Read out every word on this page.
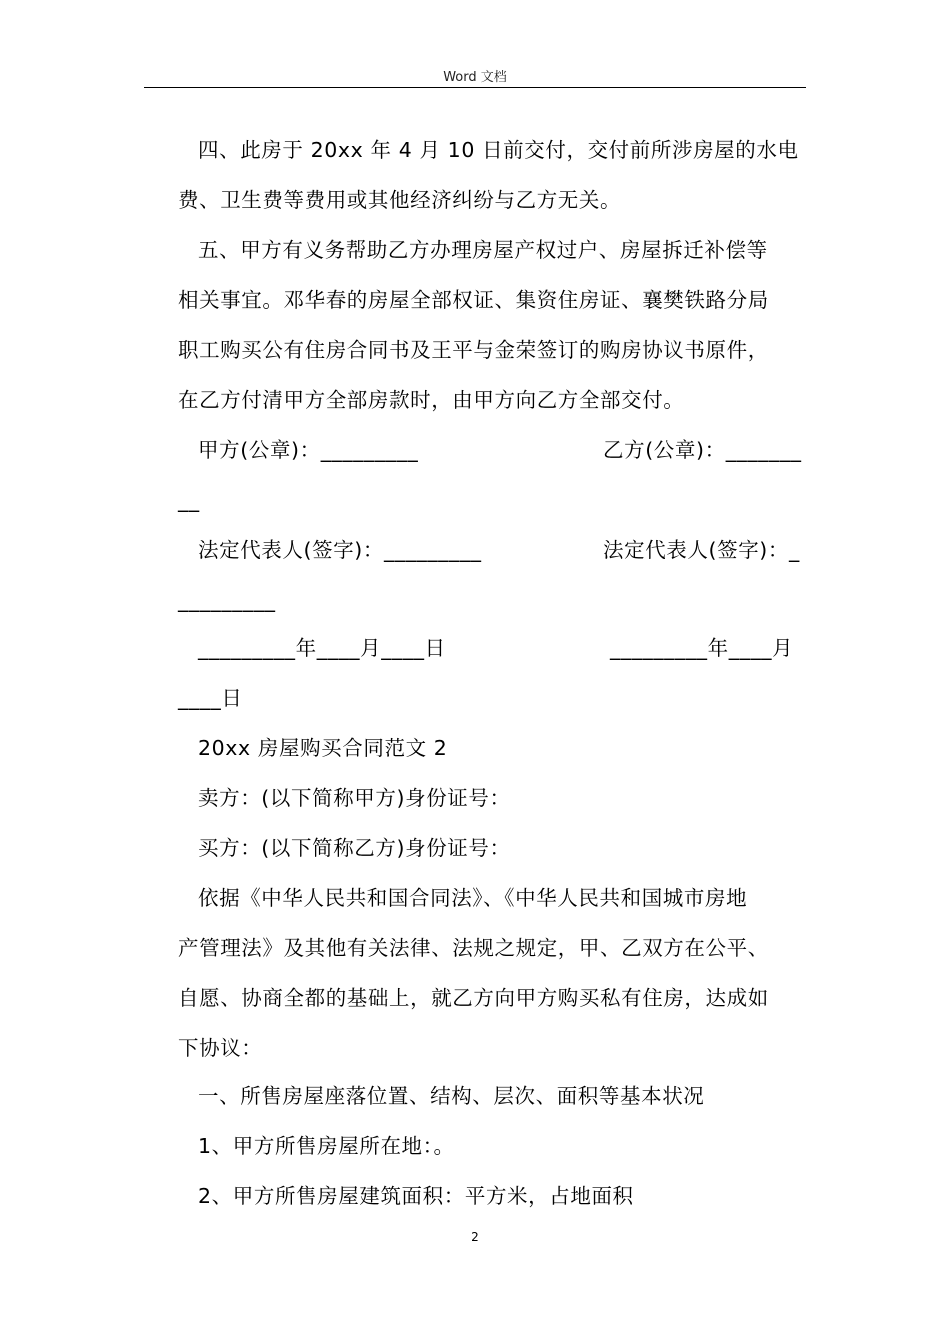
Word 文档
四、此房于 20xx 年 4 月 10 日前交付，交付前所涉房屋的水电
费、卫生费等费用或其他经济纠纷与乙方无关。
五、甲方有义务帮助乙方办理房屋产权过户、房屋拆迁补偿等
相关事宜。邓华春的房屋全部权证、集资住房证、襄樊铁路分局
职工购买公有住房合同书及王平与金荣签订的购房协议书原件，
在乙方付清甲方全部房款时，由甲方向乙方全部交付。
甲方(公章)：_________	乙方(公章)：_______
__
法定代表人(签字)：_________	法定代表人(签字)：_
_________
_________年____月____日	_________年____月
____日
20xx 房屋购买合同范文 2
卖方：(以下简称甲方)身份证号：
买方：(以下简称乙方)身份证号：
依据《中华人民共和国合同法》、《中华人民共和国城市房地
产管理法》及其他有关法律、法规之规定，甲、乙双方在公平、
自愿、协商全都的基础上，就乙方向甲方购买私有住房，达成如
下协议：
一、所售房屋座落位置、结构、层次、面积等基本状况
1、甲方所售房屋所在地：。
2、甲方所售房屋建筑面积：平方米，占地面积
2
